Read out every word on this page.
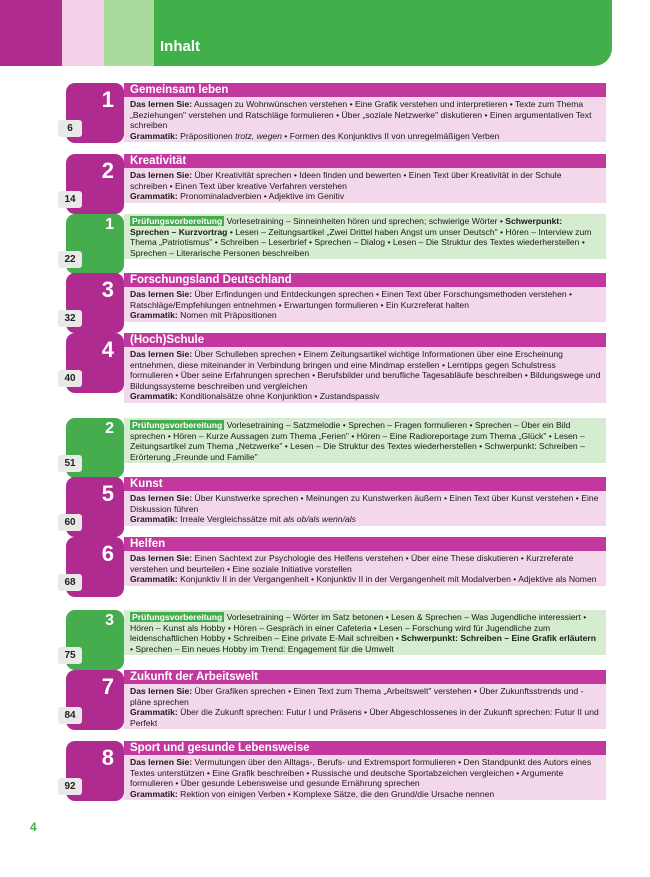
Inhalt
1
6
Gemeinsam leben
Das lernen Sie: Aussagen zu Wohnwünschen verstehen • Eine Grafik verstehen und interpretieren • Texte zum Thema „Beziehungen" verstehen und Ratschläge formulieren • Über „soziale Netzwerke" diskutieren • Einen argumentativen Text schreiben
Grammatik: Präpositionen trotz, wegen • Formen des Konjunktivs II von unregelmäßigen Verben
2
14
Kreativität
Das lernen Sie: Über Kreativität sprechen • Ideen finden und bewerten • Einen Text über Kreativität in der Schule schreiben • Einen Text über kreative Verfahren verstehen
Grammatik: Pronominaladverbien • Adjektive im Genitiv
1
22
Prüfungsvorbereitung Vorlesetraining – Sinneinheiten hören und sprechen; schwierige Wörter • Schwerpunkt: Sprechen – Kurzvortrag • Lesen – Zeitungsartikel „Zwei Drittel haben Angst um unser Deutsch" • Hören – Interview zum Thema „Patriotismus" • Schreiben – Leserbrief • Sprechen – Dialog • Lesen – Die Struktur des Textes wiederherstellen • Sprechen – Literarische Personen beschreiben
3
32
Forschungsland Deutschland
Das lernen Sie: Über Erfindungen und Entdeckungen sprechen • Einen Text über Forschungsmethoden verstehen • Ratschläge/Empfehlungen entnehmen • Erwartungen formulieren • Ein Kurzreferat halten
Grammatik: Nomen mit Präpositionen
4
40
(Hoch)Schule
Das lernen Sie: Über Schulleben sprechen • Einem Zeitungsartikel wichtige Informationen über eine Erscheinung entnehmen, diese miteinander in Verbindung bringen und eine Mindmap erstellen • Lerntipps gegen Schulstress formulieren • Über seine Erfahrungen sprechen • Berufsbilder und berufliche Tagesabläufe beschreiben • Bildungswege und Bildungssysteme beschreiben und vergleichen
Grammatik: Konditionalsätze ohne Konjunktion • Zustandspassiv
2
51
Prüfungsvorbereitung Vorlesetraining – Satzmelodie • Sprechen – Fragen formulieren • Sprechen – Über ein Bild sprechen • Hören – Kurze Aussagen zum Thema „Ferien" • Hören – Eine Radioreportage zum Thema „Glück" • Lesen – Zeitungsartikel zum Thema „Netzwerke" • Lesen – Die Struktur des Textes wiederherstellen • Schwerpunkt: Schreiben – Erörterung „Freunde und Familie"
5
60
Kunst
Das lernen Sie: Über Kunstwerke sprechen • Meinungen zu Kunstwerken äußern • Einen Text über Kunst verstehen • Eine Diskussion führen
Grammatik: Irreale Vergleichssätze mit als ob/als wenn/als
6
68
Helfen
Das lernen Sie: Einen Sachtext zur Psychologie des Helfens verstehen • Über eine These diskutieren • Kurzreferate verstehen und beurteilen • Eine soziale Initiative vorstellen
Grammatik: Konjunktiv II in der Vergangenheit • Konjunktiv II in der Vergangenheit mit Modalverben • Adjektive als Nomen
3
75
Prüfungsvorbereitung Vorlesetraining – Wörter im Satz betonen • Lesen & Sprechen – Was Jugendliche interessiert • Hören – Kunst als Hobby • Hören – Gespräch in einer Cafeteria • Lesen – Forschung wird für Jugendliche zum leidenschaftlichen Hobby • Schreiben – Eine private E-Mail schreiben • Schwerpunkt: Schreiben – Eine Grafik erläutern • Sprechen – Ein neues Hobby im Trend: Engagement für die Umwelt
7
84
Zukunft der Arbeitswelt
Das lernen Sie: Über Grafiken sprechen • Einen Text zum Thema „Arbeitswelt" verstehen • Über Zukunftsstrends und -pläne sprechen
Grammatik: Über die Zukunft sprechen: Futur I und Präsens • Über Abgeschlossenes in der Zukunft sprechen: Futur II und Perfekt
8
92
Sport und gesunde Lebensweise
Das lernen Sie: Vermutungen über den Alltags-, Berufs- und Extremsport formulieren • Den Standpunkt des Autors eines Textes unterstützen • Eine Grafik beschreiben • Russische und deutsche Sportabzeichen vergleichen • Argumente formulieren • Über gesunde Lebensweise und gesunde Ernährung sprechen
Grammatik: Rektion von einigen Verben • Komplexe Sätze, die den Grund/die Ursache nennen
4
